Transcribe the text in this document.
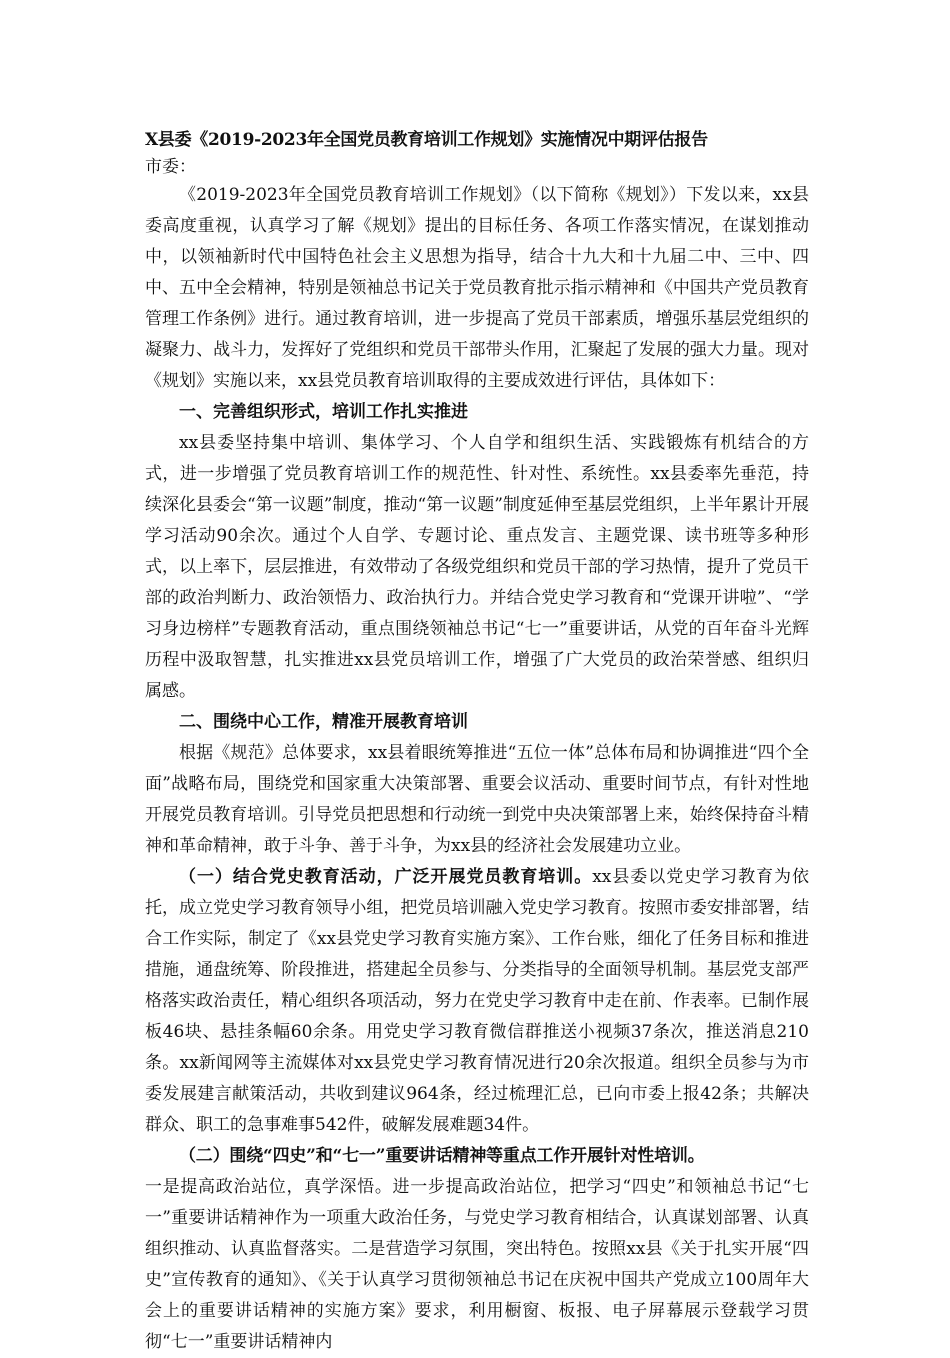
X县委《2019-2023年全国党员教育培训工作规划》实施情况中期评估报告

市委：

《2019-2023年全国党员教育培训工作规划》（以下简称《规划》）下发以来，xx县委高度重视，认真学习了解《规划》提出的目标任务、各项工作落实情况，在谋划推动中，以领袖新时代中国特色社会主义思想为指导，结合十九大和十九届二中、三中、四中、五中全会精神，特别是领袖总书记关于党员教育批示指示精神和《中国共产党员教育管理工作条例》进行。通过教育培训，进一步提高了党员干部素质，增强乐基层党组织的凝聚力、战斗力，发挥好了党组织和党员干部带头作用，汇聚起了发展的强大力量。现对《规划》实施以来，xx县党员教育培训取得的主要成效进行评估，具体如下：

一、完善组织形式，培训工作扎实推进

xx县委坚持集中培训、集体学习、个人自学和组织生活、实践锻炼有机结合的方式，进一步增强了党员教育培训工作的规范性、针对性、系统性。xx县委率先垂范，持续深化县委会“第一议题”制度，推动“第一议题”制度延伸至基层党组织，上半年累计开展学习活动90余次。通过个人自学、专题讨论、重点发言、主题党课、读书班等多种形式，以上率下，层层推进，有效带动了各级党组织和党员干部的学习热情，提升了党员干部的政治判断力、政治领悟力、政治执行力。并结合党史学习教育和“党课开讲啦”、“学习身边榜样”专题教育活动，重点围绕领袖总书记“七一”重要讲话，从党的百年奋斗光辉历程中汲取智慧，扎实推进xx县党员培训工作，增强了广大党员的政治荣誉感、组织归属感。

二、围绕中心工作，精准开展教育培训

根据《规范》总体要求，xx县着眼统筹推进“五位一体”总体布局和协调推进“四个全面”战略布局，围绕党和国家重大决策部署、重要会议活动、重要时间节点，有针对性地开展党员教育培训。引导党员把思想和行动统一到党中央决策部署上来，始终保持奋斗精神和革命精神，敢于斗争、善于斗争，为xx县的经济社会发展建功立业。

（一）结合党史教育活动，广泛开展党员教育培训。xx县委以党史学习教育为依托，成立党史学习教育领导小组，把党员培训融入党史学习教育。按照市委安排部署，结合工作实际，制定了《xx县党史学习教育实施方案》、工作台账，细化了任务目标和推进措施，通盘统筹、阶段推进，搭建起全员参与、分类指导的全面领导机制。基层党支部严格落实政治责任，精心组织各项活动，努力在党史学习教育中走在前、作表率。已制作展板46块、悬挂条幅60余条。用党史学习教育微信群推送小视频37条次，推送消息210条。xx新闻网等主流媒体对xx县党史学习教育情况进行20余次报道。组织全员参与为市委发展建言献策活动，共收到建议964条，经过梳理汇总，已向市委上报42条；共解决群众、职工的急事难事542件，破解发展难题34件。

（二）围绕“四史”和“七一”重要讲话精神等重点工作开展针对性培训。

一是提高政治站位，真学深悟。进一步提高政治站位，把学习“四史”和领袖总书记“七一”重要讲话精神作为一项重大政治任务，与党史学习教育相结合，认真谋划部署、认真组织推动、认真监督落实。二是营造学习氛围，突出特色。按照xx县《关于扎实开展“四史”宣传教育的通知》、《关于认真学习贯彻领袖总书记在庆祝中国共产党成立100周年大会上的重要讲话精神的实施方案》要求，利用橱窗、板报、电子屏幕展示登载学习贯彻“七一”重要讲话精神内
